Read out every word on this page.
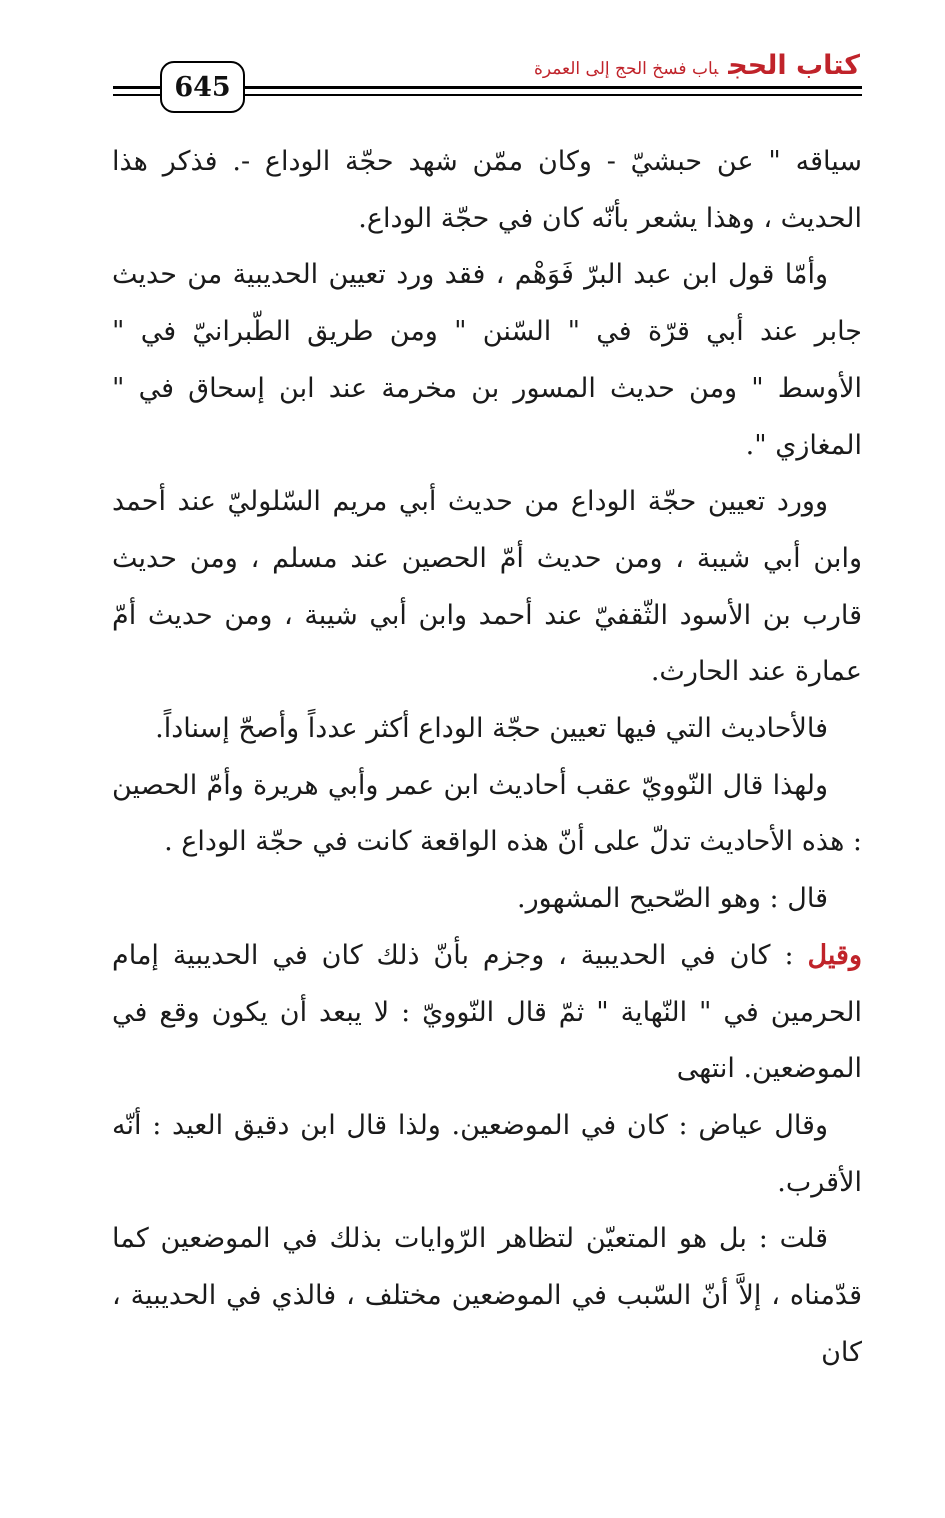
كتاب الحجباب فسخ الحج إلى العمرة
645

سياقه " عن حبشيّ - وكان ممّن شهد حجّة الوداع -. فذكر هذا الحديث ، وهذا يشعر بأنّه كان في حجّة الوداع.

وأمّا قول ابن عبد البرّ فَوَهْم ، فقد ورد تعيين الحديبية من حديث جابر عند أبي قرّة في " السّنن " ومن طريق الطّبرانيّ في " الأوسط " ومن حديث المسور بن مخرمة عند ابن إسحاق في " المغازي ".

وورد تعيين حجّة الوداع من حديث أبي مريم السّلوليّ عند أحمد وابن أبي شيبة ، ومن حديث أمّ الحصين عند مسلم ، ومن حديث قارب بن الأسود الثّقفيّ عند أحمد وابن أبي شيبة ، ومن حديث أمّ عمارة عند الحارث.

فالأحاديث التي فيها تعيين حجّة الوداع أكثر عدداً وأصحّ إسناداً.

ولهذا قال النّوويّ عقب أحاديث ابن عمر وأبي هريرة وأمّ الحصين : هذه الأحاديث تدلّ على أنّ هذه الواقعة كانت في حجّة الوداع .

قال : وهو الصّحيح المشهور.

وقيل : كان في الحديبية ، وجزم بأنّ ذلك كان في الحديبية إمام الحرمين في " النّهاية " ثمّ قال النّوويّ : لا يبعد أن يكون وقع في الموضعين. انتهى

وقال عياض : كان في الموضعين. ولذا قال ابن دقيق العيد : أنّه الأقرب.

قلت : بل هو المتعيّن لتظاهر الرّوايات بذلك في الموضعين كما قدّمناه ، إلاَّ أنّ السّبب في الموضعين مختلف ، فالذي في الحديبية ، كان
